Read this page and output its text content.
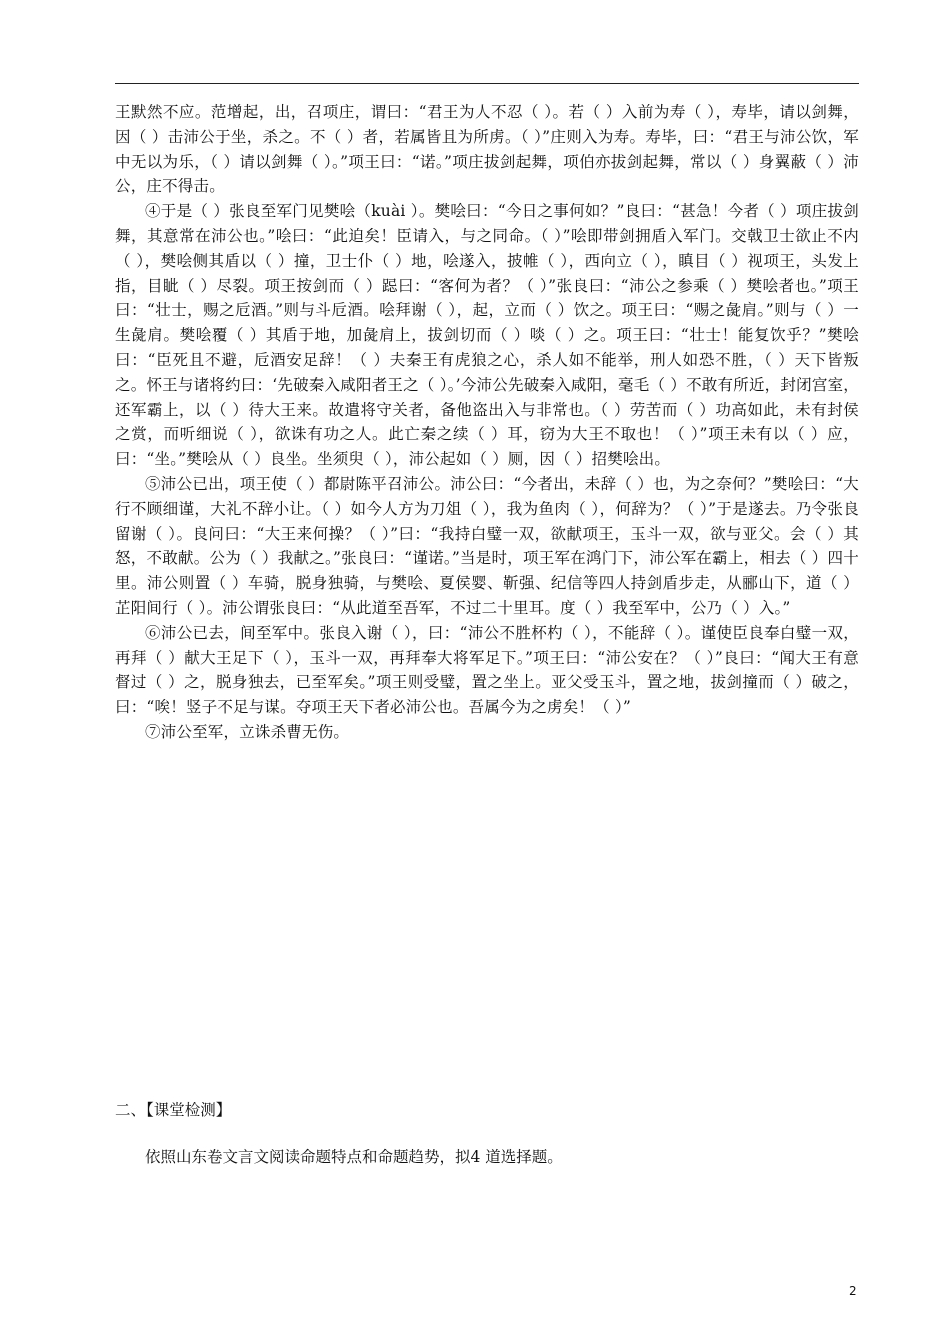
王默然不应。范增起，出，召项庄，谓曰：“君王为人不忍（ ）。若（ ）入前为寿（ ），寿毕，请以剑舞，因（ ）击沛公于坐，杀之。不（ ）者，若属皆且为所虏。（ ）”庄则入为寿。寿毕，曰：“君王与沛公饮，军中无以为乐，（ ）请以剑舞（ ）。”项王曰：“诺。”项庄拔剑起舞，项伯亦拔剑起舞，常以（ ）身翼蔽（ ）沛公，庄不得击。

④于是（ ）张良至军门见樊哙（kuài ）。樊哙曰：“今日之事何如？”良曰：“甚急！今者（ ）项庄拔剑舞，其意常在沛公也。”哙曰：“此迫矣！臣请入，与之同命。（ ）”哙即带剑拥盾入军门。交戟卫士欲止不内（ ），樊哙侧其盾以（ ）撞，卫士仆（ ）地，哙遂入，披帷（ ），西向立（ ），瞋目（ ）视项王，头发上指，目眦（ ）尽裂。项王按剑而（ ）跽曰：“客何为者？（ ）”张良曰：“沛公之参乘（ ）樊哙者也。”项王曰：“壮士，赐之卮酒。”则与斗卮酒。哙拜谢（ ），起，立而（ ）饮之。项王曰：“赐之彘肩。”则与（ ）一生彘肩。樊哙覆（ ）其盾于地，加彘肩上，拔剑切而（ ）啖（ ）之。项王曰：“壮士！能复饮乎？”樊哙曰：“臣死且不避，卮酒安足辞！（ ）夫秦王有虎狼之心，杀人如不能举，刑人如恐不胜，（ ）天下皆叛之。怀王与诸将约曰：‘先破秦入咸阳者王之（ ）。’今沛公先破秦入咸阳，毫毛（ ）不敢有所近，封闭宫室，还军霸上，以（ ）待大王来。故遣将守关者，备他盗出入与非常也。（ ）劳苦而（ ）功高如此，未有封侯之赏，而听细说（ ），欲诛有功之人。此亡秦之续（ ）耳，窃为大王不取也！（ ）”项王未有以（ ）应，曰：“坐。”樊哙从（ ）良坐。坐须臾（ ），沛公起如（ ）厕，因（ ）招樊哙出。

⑤沛公已出，项王使（ ）都尉陈平召沛公。沛公曰：“今者出，未辞（ ）也，为之奈何？”樊哙曰：“大行不顾细谨，大礼不辞小让。（ ）如今人方为刀俎（ ），我为鱼肉（ ），何辞为？（ ）”于是遂去。乃令张良留谢（ ）。良问曰：“大王来何操？（ ）”曰：“我持白璧一双，欲献项王，玉斗一双，欲与亚父。会（ ）其怒，不敢献。公为（ ）我献之。”张良曰：“谨诺。”当是时，项王军在鸿门下，沛公军在霸上，相去（ ）四十里。沛公则置（ ）车骑，脱身独骑，与樊哙、夏侯婴、靳强、纪信等四人持剑盾步走，从郦山下，道（ ）芷阳间行（ ）。沛公谓张良曰：“从此道至吾军，不过二十里耳。度（ ）我至军中，公乃（ ）入。”

⑥沛公已去，间至军中。张良入谢（ ），曰：“沛公不胜杯杓（ ），不能辞（ ）。谨使臣良奉白璧一双，再拜（ ）献大王足下（ ），玉斗一双，再拜奉大将军足下。”项王曰：“沛公安在？（ ）”良曰：“闻大王有意督过（ ）之，脱身独去，已至军矣。”项王则受璧，置之坐上。亚父受玉斗，置之地，拔剑撞而（ ）破之，曰：“唉！竖子不足与谋。夺项王天下者必沛公也。吾属今为之虏矣！（ ）”

⑦沛公至军，立诛杀曹无伤。

二、【课堂检测】
依照山东卷文言文阅读命题特点和命题趋势，拟4 道选择题。
2
